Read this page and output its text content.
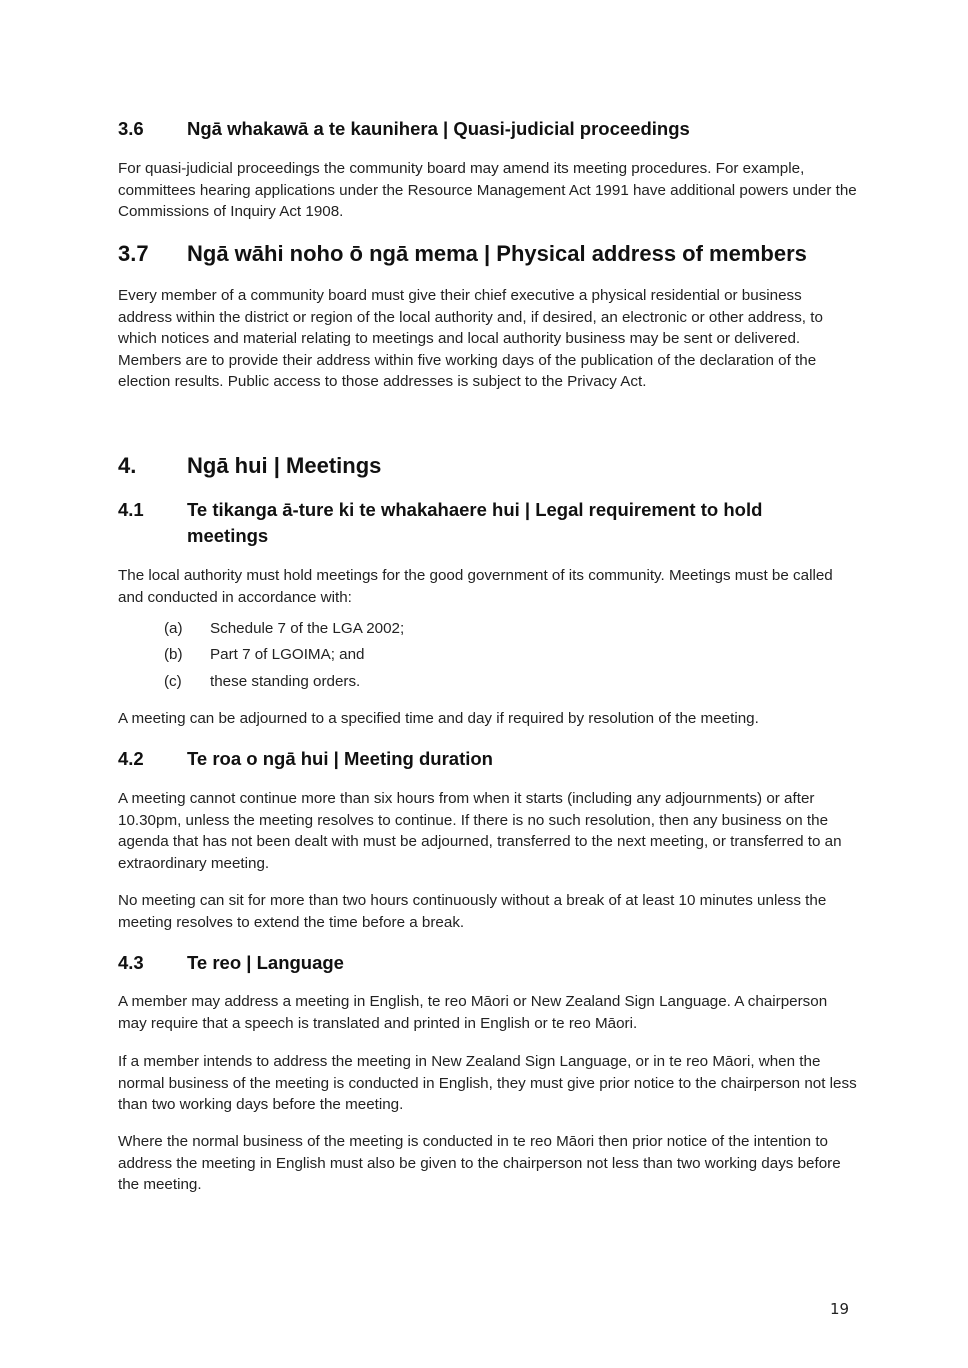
3.6 Ngā whakawā a te kaunihera | Quasi-judicial proceedings

For quasi-judicial proceedings the community board may amend its meeting procedures. For example, committees hearing applications under the Resource Management Act 1991 have additional powers under the Commissions of Inquiry Act 1908.

3.7 Ngā wāhi noho ō ngā mema | Physical address of members

Every member of a community board must give their chief executive a physical residential or business address within the district or region of the local authority and, if desired, an electronic or other address, to which notices and material relating to meetings and local authority business may be sent or delivered. Members are to provide their address within five working days of the publication of the declaration of the election results. Public access to those addresses is subject to the Privacy Act.

4. Ngā hui | Meetings
4.1 Te tikanga ā-ture ki te whakahaere hui | Legal requirement to hold meetings

The local authority must hold meetings for the good government of its community. Meetings must be called and conducted in accordance with:

(a) Schedule 7 of the LGA 2002;
(b) Part 7 of LGOIMA; and
(c) these standing orders.

A meeting can be adjourned to a specified time and day if required by resolution of the meeting.

4.2 Te roa o ngā hui | Meeting duration

A meeting cannot continue more than six hours from when it starts (including any adjournments) or after 10.30pm, unless the meeting resolves to continue. If there is no such resolution, then any business on the agenda that has not been dealt with must be adjourned, transferred to the next meeting, or transferred to an extraordinary meeting.

No meeting can sit for more than two hours continuously without a break of at least 10 minutes unless the meeting resolves to extend the time before a break.

4.3 Te reo | Language

A member may address a meeting in English, te reo Māori or New Zealand Sign Language. A chairperson may require that a speech is translated and printed in English or te reo Māori.

If a member intends to address the meeting in New Zealand Sign Language, or in te reo Māori, when the normal business of the meeting is conducted in English, they must give prior notice to the chairperson not less than two working days before the meeting.

Where the normal business of the meeting is conducted in te reo Māori then prior notice of the intention to address the meeting in English must also be given to the chairperson not less than two working days before the meeting.

19
